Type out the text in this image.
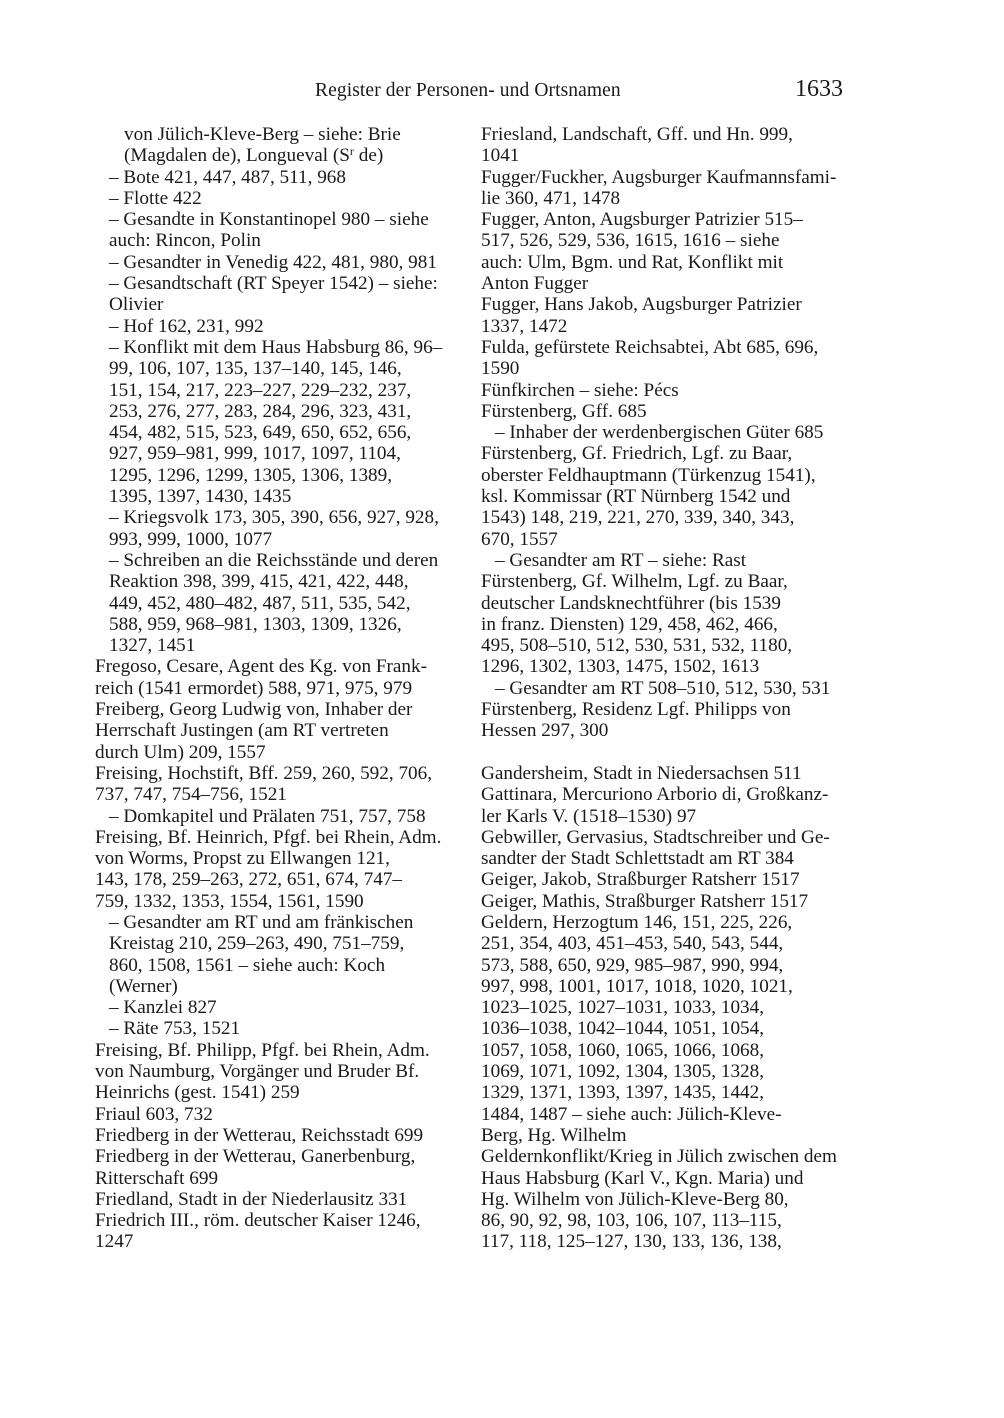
Register der Personen- und Ortsnamen	1633

von Jülich-Kleve-Berg – siehe: Brie
(Magdalen de), Longueval ($S^r$ de)

– Bote 421, 447, 487, 511, 968

– Flotte 422

– Gesandte in Konstantinopel 980 – siehe
auch: Rincon, Polin

– Gesandter in Venedig 422, 481, 980, 981

– Gesandtschaft (RT Speyer 1542) – siehe:
Olivier

– Hof 162, 231, 992

– Konflikt mit dem Haus Habsburg 86, 96–
99, 106, 107, 135, 137–140, 145, 146,
151, 154, 217, 223–227, 229–232, 237,
253, 276, 277, 283, 284, 296, 323, 431,
454, 482, 515, 523, 649, 650, 652, 656,
927, 959–981, 999, 1017, 1097, 1104,
1295, 1296, 1299, 1305, 1306, 1389,
1395, 1397, 1430, 1435

– Kriegsvolk 173, 305, 390, 656, 927, 928,
993, 999, 1000, 1077

– Schreiben an die Reichsstände und deren
Reaktion 398, 399, 415, 421, 422, 448,
449, 452, 480–482, 487, 511, 535, 542,
588, 959, 968–981, 1303, 1309, 1326,
1327, 1451

Fregoso, Cesare, Agent des Kg. von Frank-
reich (1541 ermordet) 588, 971, 975, 979

Freiberg, Georg Ludwig von, Inhaber der
Herrschaft Justingen (am RT vertreten
durch Ulm) 209, 1557

Freising, Hochstift, Bff. 259, 260, 592, 706,
737, 747, 754–756, 1521

– Domkapitel und Prälaten 751, 757, 758

Freising, Bf. Heinrich, Pfgf. bei Rhein, Adm.
von Worms, Propst zu Ellwangen 121,
143, 178, 259–263, 272, 651, 674, 747–
759, 1332, 1353, 1554, 1561, 1590

– Gesandter am RT und am fränkischen
Kreistag 210, 259–263, 490, 751–759,
860, 1508, 1561 – siehe auch: Koch
(Werner)

– Kanzlei 827

– Räte 753, 1521

Freising, Bf. Philipp, Pfgf. bei Rhein, Adm.
von Naumburg, Vorgänger und Bruder Bf.
Heinrichs (gest. 1541) 259

Friaul 603, 732

Friedberg in der Wetterau, Reichsstadt 699

Friedberg in der Wetterau, Ganerbenburg,
Ritterschaft 699

Friedland, Stadt in der Niederlausitz 331

Friedrich III., röm. deutscher Kaiser 1246,
1247

Friesland, Landschaft, Gff. und Hn. 999,
1041

Fugger/Fuckher, Augsburger Kaufmannsfami-
lie 360, 471, 1478

Fugger, Anton, Augsburger Patrizier 515–
517, 526, 529, 536, 1615, 1616 – siehe
auch: Ulm, Bgm. und Rat, Konflikt mit
Anton Fugger

Fugger, Hans Jakob, Augsburger Patrizier
1337, 1472

Fulda, gefürstete Reichsabtei, Abt 685, 696,
1590

Fünfkirchen – siehe: Pécs

Fürstenberg, Gff. 685

– Inhaber der werdenbergischen Güter 685

Fürstenberg, Gf. Friedrich, Lgf. zu Baar,
oberster Feldhauptmann (Türkenzug 1541),
ksl. Kommissar (RT Nürnberg 1542 und
1543) 148, 219, 221, 270, 339, 340, 343,
670, 1557

– Gesandter am RT – siehe: Rast

Fürstenberg, Gf. Wilhelm, Lgf. zu Baar,
deutscher Landsknechtführer (bis 1539
in franz. Diensten) 129, 458, 462, 466,
495, 508–510, 512, 530, 531, 532, 1180,
1296, 1302, 1303, 1475, 1502, 1613

– Gesandter am RT 508–510, 512, 530, 531

Fürstenberg, Residenz Lgf. Philipps von
Hessen 297, 300

Gandersheim, Stadt in Niedersachsen 511

Gattinara, Mercuriono Arborio di, Großkanz-
ler Karls V. (1518–1530) 97

Gebwiller, Gervasius, Stadtschreiber und Ge-
sandter der Stadt Schlettstadt am RT 384

Geiger, Jakob, Straßburger Ratsherr 1517

Geiger, Mathis, Straßburger Ratsherr 1517

Geldern, Herzogtum 146, 151, 225, 226,
251, 354, 403, 451–453, 540, 543, 544,
573, 588, 650, 929, 985–987, 990, 994,
997, 998, 1001, 1017, 1018, 1020, 1021,
1023–1025, 1027–1031, 1033, 1034,
1036–1038, 1042–1044, 1051, 1054,
1057, 1058, 1060, 1065, 1066, 1068,
1069, 1071, 1092, 1304, 1305, 1328,
1329, 1371, 1393, 1397, 1435, 1442,
1484, 1487 – siehe auch: Jülich-Kleve-
Berg, Hg. Wilhelm

Geldernkonflikt/Krieg in Jülich zwischen dem
Haus Habsburg (Karl V., Kgn. Maria) und
Hg. Wilhelm von Jülich-Kleve-Berg 80,
86, 90, 92, 98, 103, 106, 107, 113–115,
117, 118, 125–127, 130, 133, 136, 138,
